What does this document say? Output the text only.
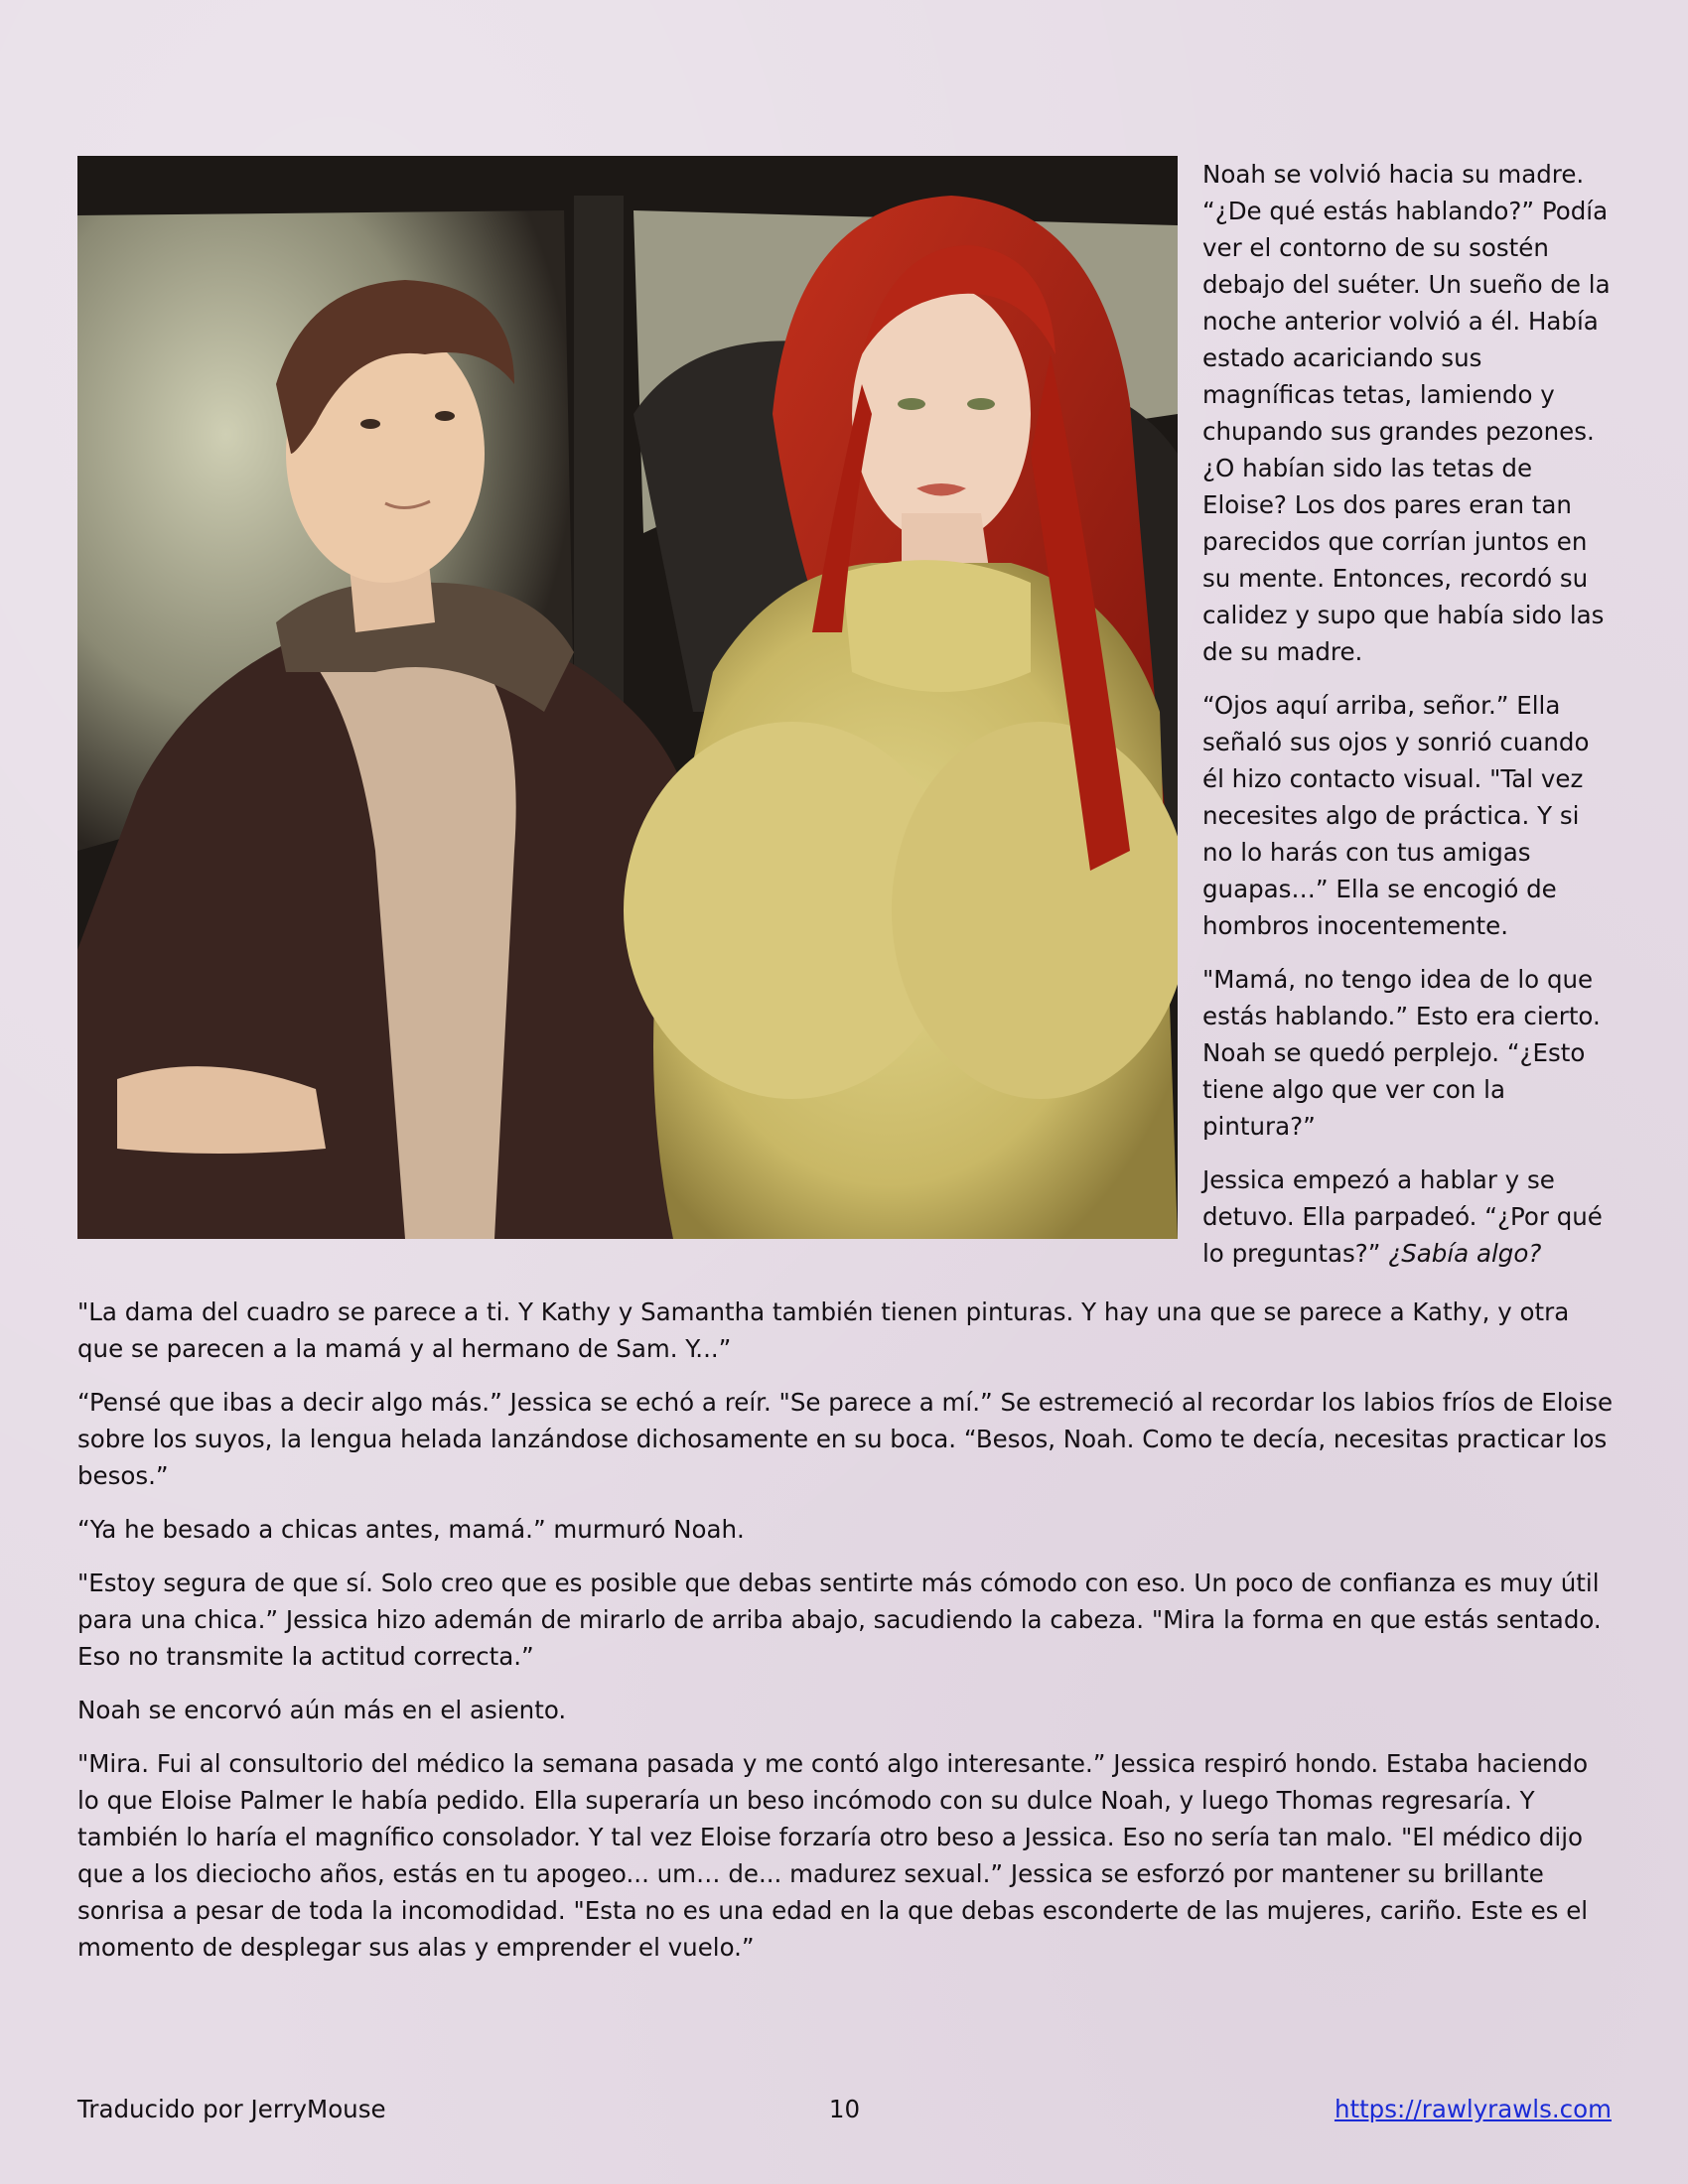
Noah se volvió hacia su madre. “¿De qué estás hablando?” Podía ver el contorno de su sostén debajo del suéter. Un sueño de la noche anterior volvió a él. Había estado acariciando sus magníficas tetas, lamiendo y chupando sus grandes pezones. ¿O habían sido las tetas de Eloise? Los dos pares eran tan parecidos que corrían juntos en su mente. Entonces, recordó su calidez y supo que había sido las de su madre.

“Ojos aquí arriba, señor.” Ella señaló sus ojos y sonrió cuando él hizo contacto visual. "Tal vez necesites algo de práctica. Y si no lo harás con tus amigas guapas…” Ella se encogió de hombros inocentemente.

"Mamá, no tengo idea de lo que estás hablando.” Esto era cierto. Noah se quedó perplejo. “¿Esto tiene algo que ver con la pintura?”

Jessica empezó a hablar y se detuvo. Ella parpadeó. “¿Por qué lo preguntas?” ¿Sabía algo?

"La dama del cuadro se parece a ti. Y Kathy y Samantha también tienen pinturas. Y hay una que se parece a Kathy, y otra que se parecen a la mamá y al hermano de Sam. Y...”

“Pensé que ibas a decir algo más.” Jessica se echó a reír. "Se parece a mí.” Se estremeció al recordar los labios fríos de Eloise sobre los suyos, la lengua helada lanzándose dichosamente en su boca. “Besos, Noah. Como te decía, necesitas practicar los besos.”

“Ya he besado a chicas antes, mamá.” murmuró Noah.

"Estoy segura de que sí. Solo creo que es posible que debas sentirte más cómodo con eso. Un poco de confianza es muy útil para una chica.” Jessica hizo ademán de mirarlo de arriba abajo, sacudiendo la cabeza. "Mira la forma en que estás sentado. Eso no transmite la actitud correcta.”

Noah se encorvó aún más en el asiento.

"Mira. Fui al consultorio del médico la semana pasada y me contó algo interesante.” Jessica respiró hondo. Estaba haciendo lo que Eloise Palmer le había pedido. Ella superaría un beso incómodo con su dulce Noah, y luego Thomas regresaría. Y también lo haría el magnífico consolador. Y tal vez Eloise forzaría otro beso a Jessica. Eso no sería tan malo. "El médico dijo que a los dieciocho años, estás en tu apogeo... um… de... madurez sexual.” Jessica se esforzó por mantener su brillante sonrisa a pesar de toda la incomodidad. "Esta no es una edad en la que debas esconderte de las mujeres, cariño. Este es el momento de desplegar sus alas y emprender el vuelo.”

10
Traducido por JerryMouse	https://rawlyrawls.com
